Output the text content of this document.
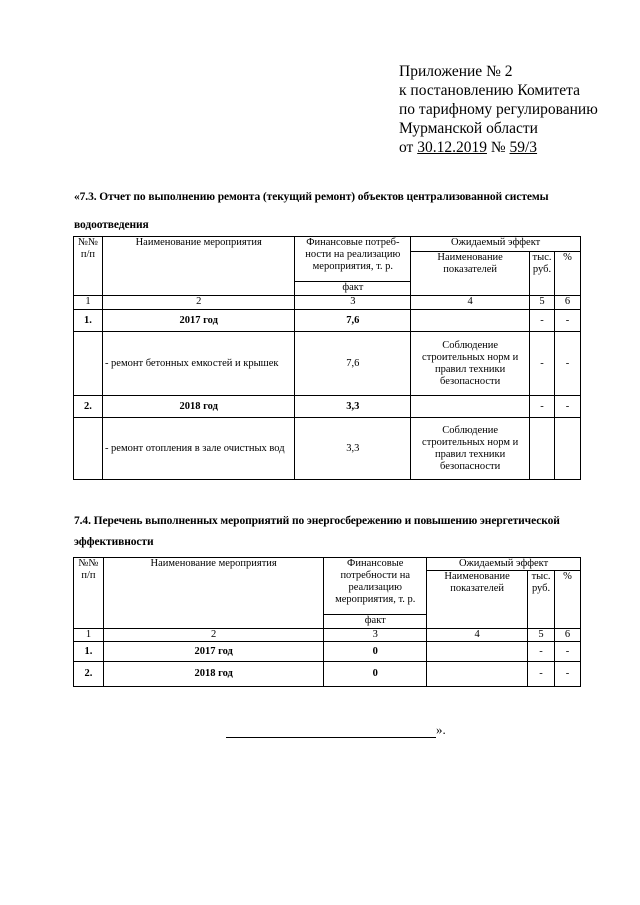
Приложение № 2
к постановлению Комитета
по тарифному регулированию
Мурманской области
от 30.12.2019 № 59/3
«7.3. Отчет по выполнению ремонта (текущий ремонт) объектов централизованной системы
водоотведения
№№ п/п	Наименование мероприятия	Финансовые потреб-ности на реализацию мероприятия, т. р.	Ожидаемый эффект		
			Наименование показателей	тыс. руб.	%
		факт			
1	2	3	4	5	6
1.	2017 год	7,6		-	-
	- ремонт бетонных емкостей и крышек	7,6	Соблюдение строительных норм и правил техники безопасности	-	-
2.	2018 год	3,3		-	-
	- ремонт отопления в зале очистных вод	3,3	Соблюдение строительных норм и правил техники безопасности		
7.4. Перечень выполненных мероприятий по энергосбережению и повышению энергетической
эффективности
№№ п/п	Наименование мероприятия	Финансовые потребности на реализацию мероприятия, т. р.	Ожидаемый эффект		
			Наименование показателей	тыс. руб.	%
		факт			
1	2	3	4	5	6
1.	2017 год	0		-	-
2.	2018 год	0		-	-
».
